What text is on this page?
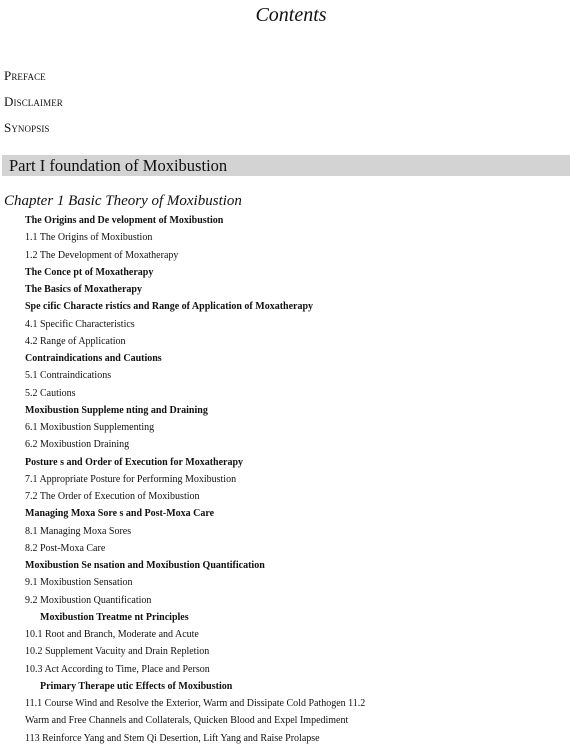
Contents
Preface
Disclaimer
Synopsis
Part I foundation of Moxibustion
Chapter 1 Basic Theory of Moxibustion
The Origins and De velopment of Moxibustion
1.1 The Origins of Moxibustion
1.2 The Development of Moxatherapy
The Conce pt of Moxatherapy
The Basics of Moxatherapy
Spe cific Characte ristics and Range of Application of Moxatherapy
4.1 Specific Characteristics
4.2 Range of Application
Contraindications and Cautions
5.1 Contraindications
5.2 Cautions
Moxibustion Suppleme nting and Draining
6.1 Moxibustion Supplementing
6.2 Moxibustion Draining
Posture s and Order of Execution for Moxatherapy
7.1 Appropriate Posture for Performing Moxibustion
7.2 The Order of Execution of Moxibustion
Managing Moxa Sore s and Post-Moxa Care
8.1 Managing Moxa Sores
8.2 Post-Moxa Care
Moxibustion Se nsation and Moxibustion Quantification
9.1 Moxibustion Sensation
9.2 Moxibustion Quantification
Moxibustion Treatme nt Principles
10.1 Root and Branch, Moderate and Acute
10.2 Supplement Vacuity and Drain Repletion
10.3 Act According to Time, Place and Person
Primary Therape utic Effects of Moxibustion
11.1 Course Wind and Resolve the Exterior, Warm and Dissipate Cold Pathogen 11.2
Warm and Free Channels and Collaterals, Quicken Blood and Expel Impediment
113 Reinforce Yang and Stem Qi Desertion, Lift Yang and Raise Prolapse
